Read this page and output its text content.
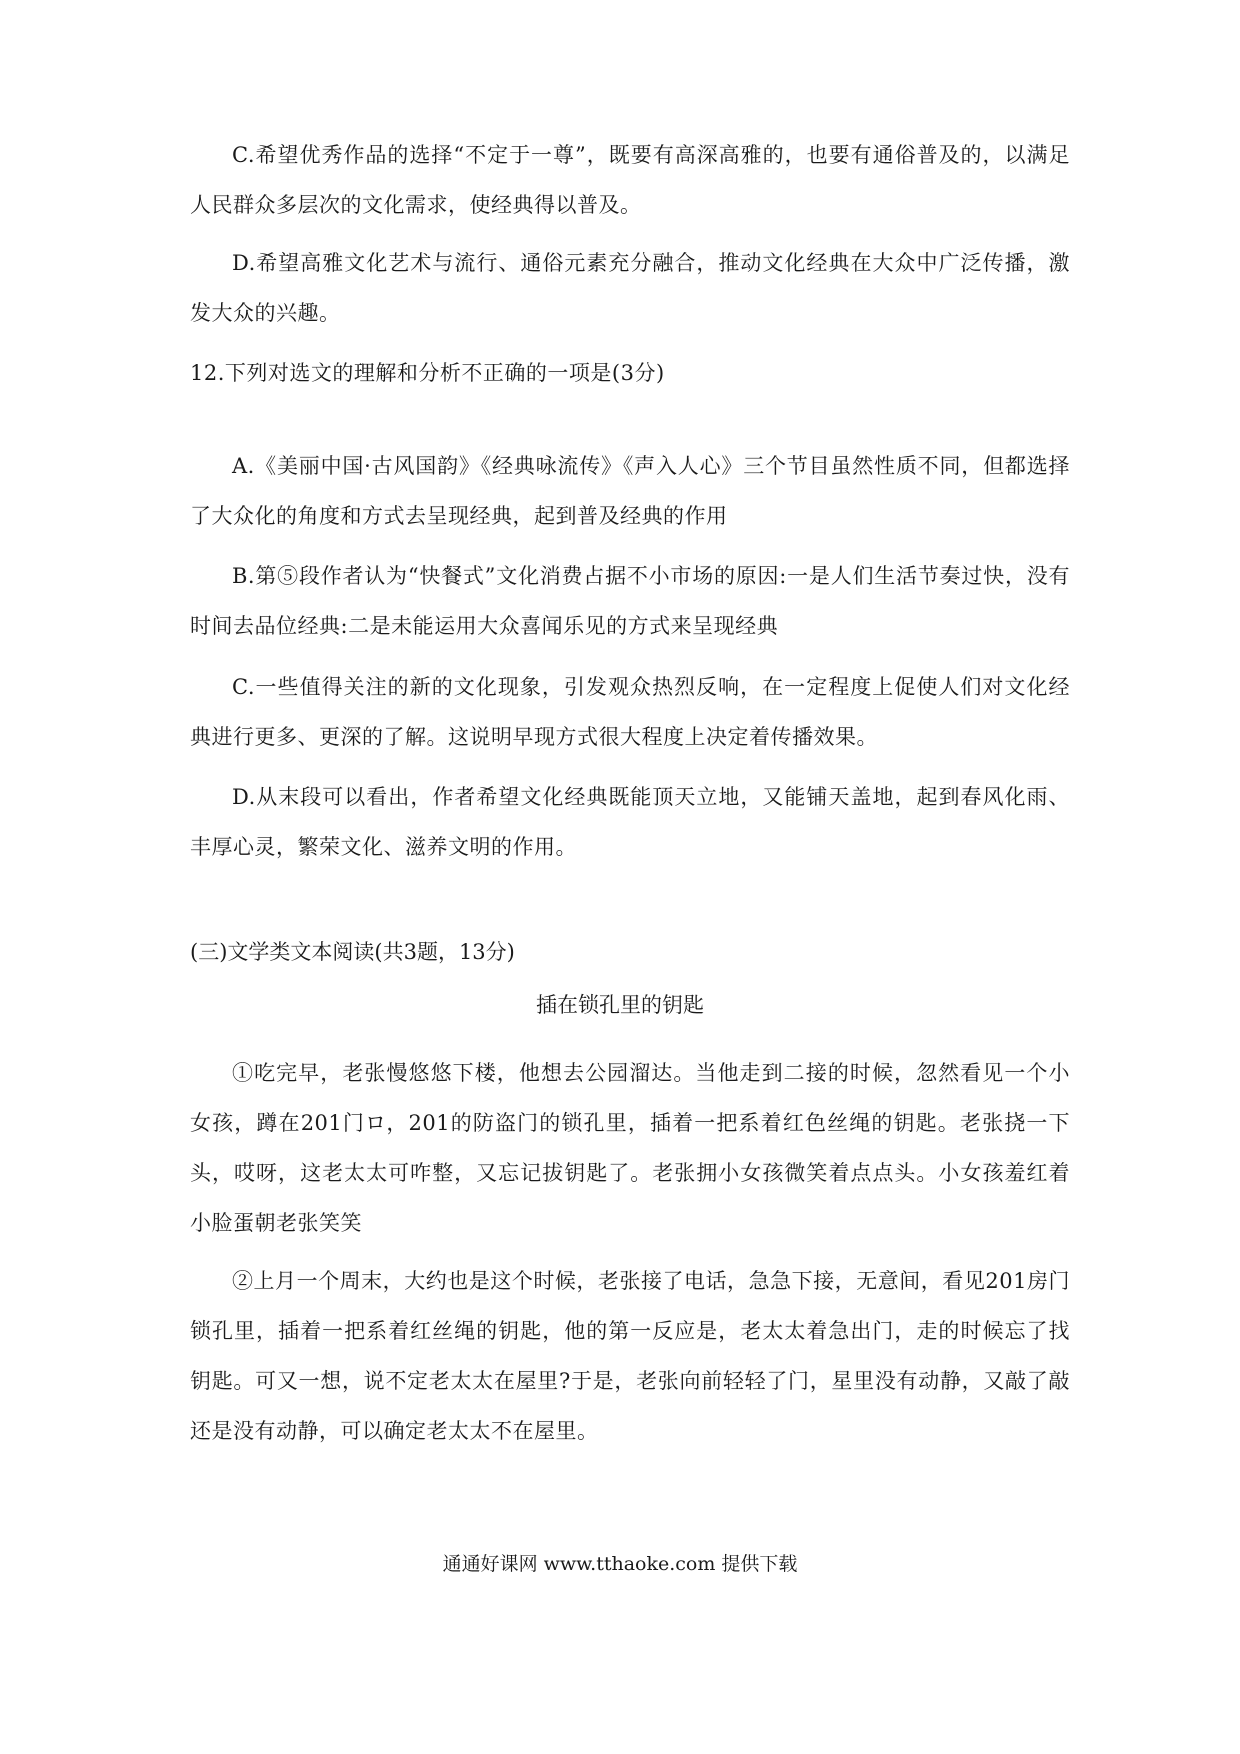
C.希望优秀作品的选择“不定于一尊”，既要有高深高雅的，也要有通俗普及的，以满足人民群众多层次的文化需求，使经典得以普及。

D.希望高雅文化艺术与流行、通俗元素充分融合，推动文化经典在大众中广泛传播，激发大众的兴趣。

12.下列对选文的理解和分析不正确的一项是(3分)

A.《美丽中国·古风国韵》《经典咏流传》《声入人心》三个节目虽然性质不同，但都选择了大众化的角度和方式去呈现经典，起到普及经典的作用

B.第⑤段作者认为“快餐式”文化消费占据不小市场的原因:一是人们生活节奏过快，没有时间去品位经典:二是未能运用大众喜闻乐见的方式来呈现经典

C.一些值得关注的新的文化现象，引发观众热烈反响，在一定程度上促使人们对文化经典进行更多、更深的了解。这说明早现方式很大程度上决定着传播效果。

D.从末段可以看出，作者希望文化经典既能顶天立地，又能铺天盖地，起到春风化雨、丰厚心灵，繁荣文化、滋养文明的作用。

(三)文学类文本阅读(共3题，13分)
插在锁孔里的钥匙

①吃完早，老张慢悠悠下楼，他想去公园溜达。当他走到二接的时候，忽然看见一个小女孩，蹲在201门ロ，201的防盗门的锁孔里，插着一把系着红色丝绳的钥匙。老张挠一下头，哎呀，这老太太可咋整，又忘记拔钥匙了。老张拥小女孩微笑着点点头。小女孩羞红着小脸蛋朝老张笑笑

②上月一个周末，大约也是这个时候，老张接了电话，急急下接，无意间，看见201房门锁孔里，插着一把系着红丝绳的钥匙，他的第一反应是，老太太着急出门，走的时候忘了找钥匙。可又一想，说不定老太太在屋里?于是，老张向前轻轻了门，星里没有动静，又敲了敲还是没有动静，可以确定老太太不在屋里。

通通好课网 www.tthaoke.com 提供下载
